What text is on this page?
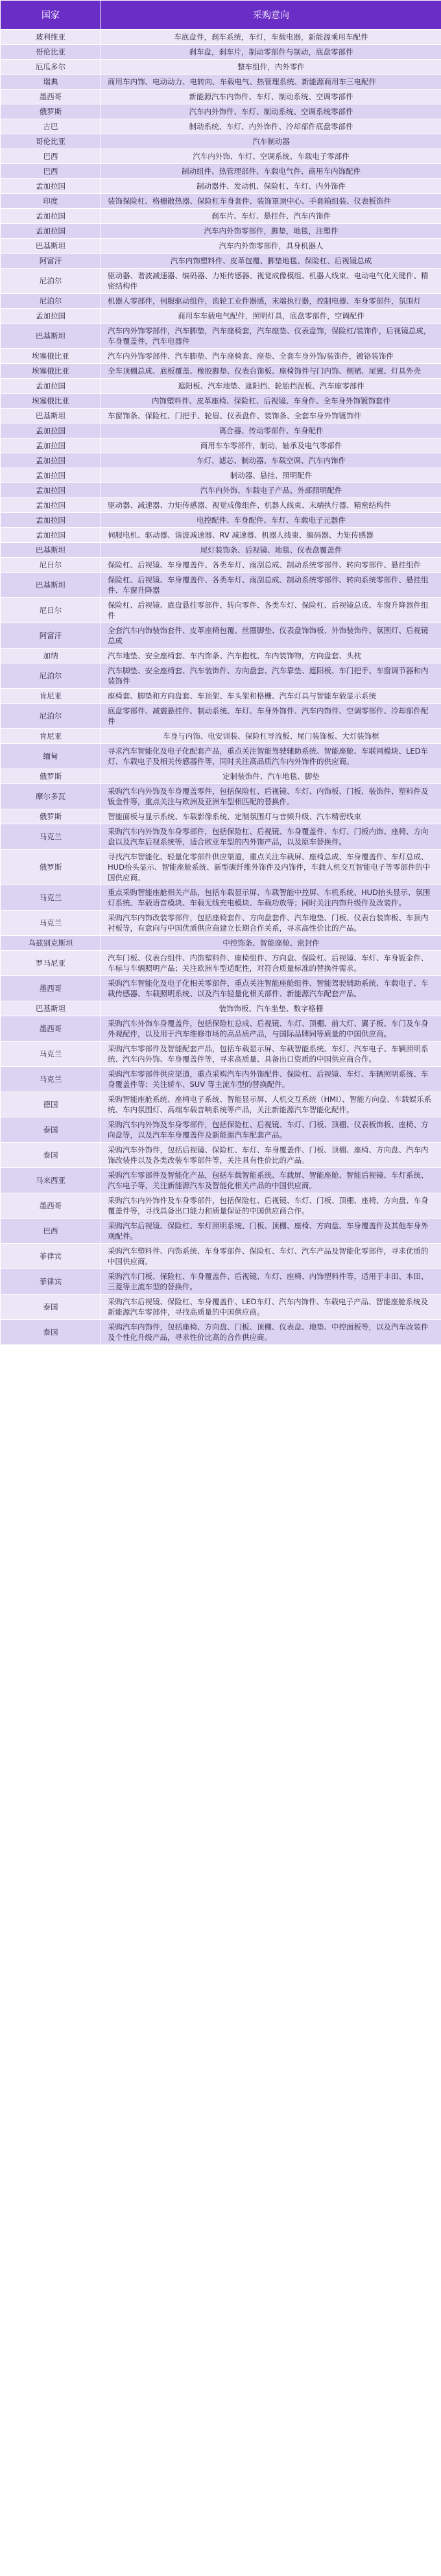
国家	采购意向
玻利维亚	车底盘件，刹车系统，车灯，车载电器，新能源乘用车配件
哥伦比亚	刹车盘，刹车片，制动零部件与制动，底盘零部件
厄瓜多尔	整车组件，内外零件
瑞典	商用车内饰、电动动力、电转向、车载电气、热管理系统、新能源商用车三电配件
墨西哥	新能源汽车内饰件、车灯、制动系统、空调零部件
俄罗斯	汽车内外饰件、车灯、制动系统、空调系统零部件
古巴	制动系统、车灯、内外饰件、冷却部件底盘零部件
哥伦比亚	汽车制动器
巴西	汽车内外饰、车灯、空调系统、车载电子零部件
巴西	制动组件、热管理部件、车载电气件、商用车内饰配件
孟加拉国	制动器件、发动机、保险杠、车灯、内外饰件
印度	装饰保险杠、格栅散热器、保险杠车身套件、装饰罩顶中心、手套箱组装、仪表板饰件
孟加拉国	刹车片、车灯、悬挂件、汽车内饰件
孟加拉国	汽车内外饰零部件，脚垫，地毯，注塑件
巴基斯坦	汽车内外饰零部件，具身机器人
阿富汗	汽车内饰塑料件、皮革包覆、脚垫地毯、保险杠、后视镜总成
尼泊尔	驱动器、谐波减速器、编码器、力矩传感器、视觉成像模组、机器人线束、电动电气化关键件、精密结构件
尼泊尔	机器人零部件，伺服驱动组件，齿轮工业件器感，末端执行器，控制电器、车身零部件，氛围灯
孟加拉国	商用车车载电气配件，照明灯具，底盘零部件，空调配件
巴基斯坦	汽车内外饰零部件，汽车脚垫，汽车座椅套，汽车座垫、仪表盘饰，保险杠/装饰件，后视镜总成，车身覆盖件，汽车电器件
埃塞俄比亚	汽车内外饰零部件、汽车脚垫、汽车座椅套、座垫、全套车身外饰/装饰件，镀铬装饰件
埃塞俄比亚	全车顶棚总成、底板覆盖、橡胶脚垫、仪表台饰板、座椅饰件与门内饰、侧裙、尾翼、灯具外壳
孟加拉国	遮阳板、汽车地垫、遮阳挡、轮胎挡泥板、汽车座零部件
埃塞俄比亚	内饰塑料件、皮革座椅、保险杠、后视镜、车身件、全车身外饰镀饰套件
巴基斯坦	车窗饰条、保险杠、门把手、轮眉、仪表盘件、装饰条、全套车身外饰镀饰件
孟加拉国	离合器、传动零部件、车身配件
孟加拉国	商用车车零部件，制动，轴承及电气零部件
孟加拉国	车灯、滤芯、制动器、车载空调、汽车内饰件
孟加拉国	制动器、悬挂、照明配件
孟加拉国	汽车内外饰、车载电子产品、外部照明配件
孟加拉国	驱动器、减速器、力矩传感器、视觉成像组件、机器人线束、末端执行器、精密结构件
孟加拉国	电控配件、车身配件、车灯、车载电子元器件
孟加拉国	伺服电机、驱动器、谐波减速器、RV 减速器、机器人线束、编码器、力矩传感器
巴基斯坦	尾灯装饰条、后视镜、地毯、仪表盘覆盖件
尼日尔	保险杠、后视镜、车身覆盖件、各类车灯、雨刮总成、制动系统零部件、转向零部件、悬挂组件
巴基斯坦	保险杠、后视镜、车身覆盖件、各类车灯、雨刮总成、制动系统零部件、转向系统零部件、悬挂组件、车窗升降器
尼日尔	保险杠、后视镜、底盘悬挂零部件、转向零件、各类车灯、保险杠、后视镜总成、车窗升降器件组件
阿富汗	全套汽车内饰装饰套件、皮革座椅包覆、丝圈脚垫、仪表盘饰饰板、外饰装饰件、氛围灯、后视镜总成
加纳	汽车地垫、安全座椅套、车内饰条、汽车抱枕、车内装饰物，方向盘套、头枕
尼泊尔	汽车脚垫、安全座椅套、汽车装饰件、方向盘套、汽车靠垫、遮阳板、车门把手、车窗调节器和内装饰件
肯尼亚	座椅套、脚垫和方向盘套、车顶架、车头架和格栅、汽车灯具与智能车载显示系统
尼泊尔	底盘零部件、减震悬挂件、制动系统、车灯、车身外饰件、汽车内饰件、空调零部件、冷却部件配件
肯尼亚	车身与内饰、电安训装、保险杠导流板、尾门装饰板、大灯装饰框
缅甸	寻求汽车智能化及电子化配套产品，重点关注智能驾驶辅助系统、智能座舱、车联网模块、LED车灯、车载电子及相关传感器件等，同时关注高品质汽车内外饰件的供应商。
俄罗斯	定制装饰件、汽车地毯、脚垫
摩尔多瓦	采购汽车内外饰及车身覆盖零件，包括保险杠、后视镜、车灯、内饰板、门板、装饰件、塑料件及钣金件等，重点关注与欧洲及亚洲车型相匹配的替换件。
俄罗斯	智能面板与显示系统、车载影像系统、定制氛围灯与音频升级、汽车精密线束
马克兰	采购汽车内外饰及车身零部件，包括保险杠、后视镜、车身覆盖件、车灯、门板内饰、座椅、方向盘以及汽车后视系统等，适合欧亚车型的内外饰产品，以及原车替换件。
俄罗斯	寻找汽车智能化、轻量化零部件供应渠道，重点关注车载屏、座椅总成、车身覆盖件、车灯总成、HUD抬头显示、智能座舱系统、新型碳纤维外饰件及内饰件，车载人机交互智能电子等零部件的中国供应商。
马克兰	重点采购智能座舱相关产品，包括车载显示屏、车载智能中控屏、车机系统、HUD抬头显示、氛围灯系统、车载语音模块、车载无线充电模块、车载功放等；同时关注内饰升级件及改装件。
马克兰	采购汽车内饰改装零部件，包括座椅套件、方向盘套件、汽车地垫、门板、仪表台装饰板、车顶内衬板等，有意向与中国优质供应商建立长期合作关系，寻求高性价比的产品。
乌兹别克斯坦	中控饰条、智能座舱、密封件
罗马尼亚	汽车门板、仪表台组件、内饰塑料件、座椅组件、方向盘、保险杠、后视镜、车灯、车身钣金件、车标与车辆照明产品；关注欧洲车型适配性，对符合质量标准的替换件需求。
墨西哥	采购汽车智能化及电子化相关零部件，重点关注智能座舱组件、智能驾驶辅助系统、车载电子、车载传感器、车载照明系统、以及汽车轻量化相关部件、新能源汽车配套产品。
巴基斯坦	装饰饰板、汽车坐垫、数字格栅
墨西哥	采购汽车外饰车身覆盖件，包括保险杠总成、后视镜、车灯、顶棚、前大灯、翼子板、车门及车身外观配件，以及用于汽车维修市场的高品质产品，与国际品牌同等质量的中国供应商。
马克兰	采购汽车零部件及智能配套产品，包括车载显示屏、车载智能系统、车灯、汽车电子、车辆照明系统、汽车内外饰、车身覆盖件等，寻求高质量、具备出口资质的中国供应商合作。
马克兰	采购汽车零部件供应渠道，重点采购汽车内外饰配件、保险杠、后视镜、车灯、车辆照明系统、车身覆盖件等；关注轿车、SUV 等主流车型的替换配件。
德国	采购智能座舱系统、座椅电子系统、智能显示屏、人机交互系统（HMI）、智能方向盘、车载娱乐系统、车内氛围灯、高端车载音响系统等产品，关注新能源汽车智能化配件。
泰国	采购汽车内外饰及车身零部件，包括保险杠、后视镜、车灯、门板、顶棚、仪表板饰板、座椅、方向盘等，以及汽车车身覆盖件及新能源汽车配套产品。
泰国	采购汽车外饰件，包括后视镜、保险杠、车灯、车身覆盖件、门板、顶棚、座椅、方向盘、汽车内饰改装件以及各类改装车零部件等，关注具有性价比的产品。
马来西亚	采购汽车零部件及智能化产品，包括车载智能系统、车载屏、智能座舱、智能后视镜、车灯系统、汽车电子等，关注新能源汽车及智能化相关产品的中国供应商。
墨西哥	采购汽车内外饰件及车身零部件，包括保险杠、后视镜、车灯、门板、顶棚、座椅、方向盘、车身覆盖件等，寻找具备出口能力和质量保证的中国供应商合作。
巴西	采购汽车后视镜、保险杠、车灯照明系统、门板、顶棚、座椅、方向盘、车身覆盖件及其他车身外观配件。
菲律宾	采购汽车塑料件、内饰系统、车身零部件、保险杠、车灯、汽车产品及智能化零部件，寻求优质的中国供应商。
菲律宾	采购汽车门板、保险杠、车身覆盖件、后视镜、车灯、座椅、内饰塑料件等，适用于丰田、本田、三菱等主流车型的替换件。
泰国	采购汽车后视镜、保险杠、车身覆盖件、LED车灯、汽车内饰件、车载电子产品、智能座舱系统及新能源汽车零部件，寻找高质量的中国供应商。
泰国	采购汽车内饰件，包括座椅、方向盘、门板、顶棚、仪表盘、地垫、中控面板等，以及汽车改装件及个性化升级产品，寻求性价比高的合作供应商。
